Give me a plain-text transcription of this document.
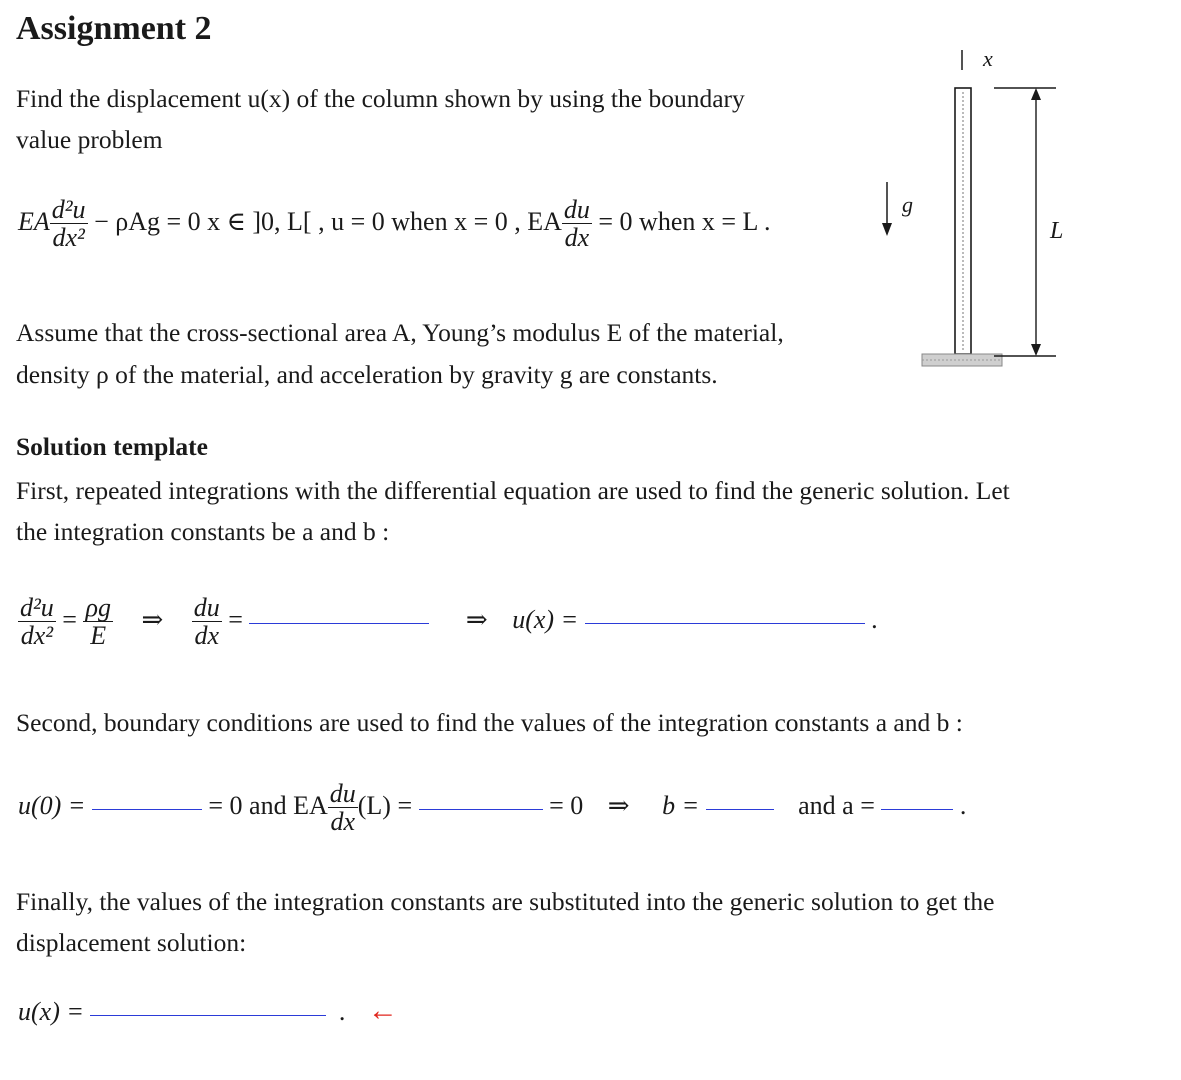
Assignment 2
Find the displacement u(x) of the column shown by using the boundary
value problem
EA $\frac{\text{d²u}}{\text{dx²}} - \rho Ag = 0$ x ∈ ]0, L[ , u = 0 when x = 0 , EA $\frac{du}{dx} = 0$ when x = L .
Assume that the cross-sectional area A, Young’s modulus E of the material,
density ρ of the material, and acceleration by gravity g are constants.
x
g
L
Solution template
First, repeated integrations with the differential equation are used to find the generic solution. Let
the integration constants be a and b :
$\frac{\text{d²u}}{\text{dx²}} = \frac{\rho g}{E}$ ⇒ $\frac{du}{dx}$ =	⇒ u(x) =	.
Second, boundary conditions are used to find the values of the integration constants a and b :
u(0) =	= 0 and EA $\frac{du}{dx} (L)$ =	= 0 ⇒ b =	and a =	.
Finally, the values of the integration constants are substituted into the generic solution to get the
displacement solution:
u(x) =	. ←
